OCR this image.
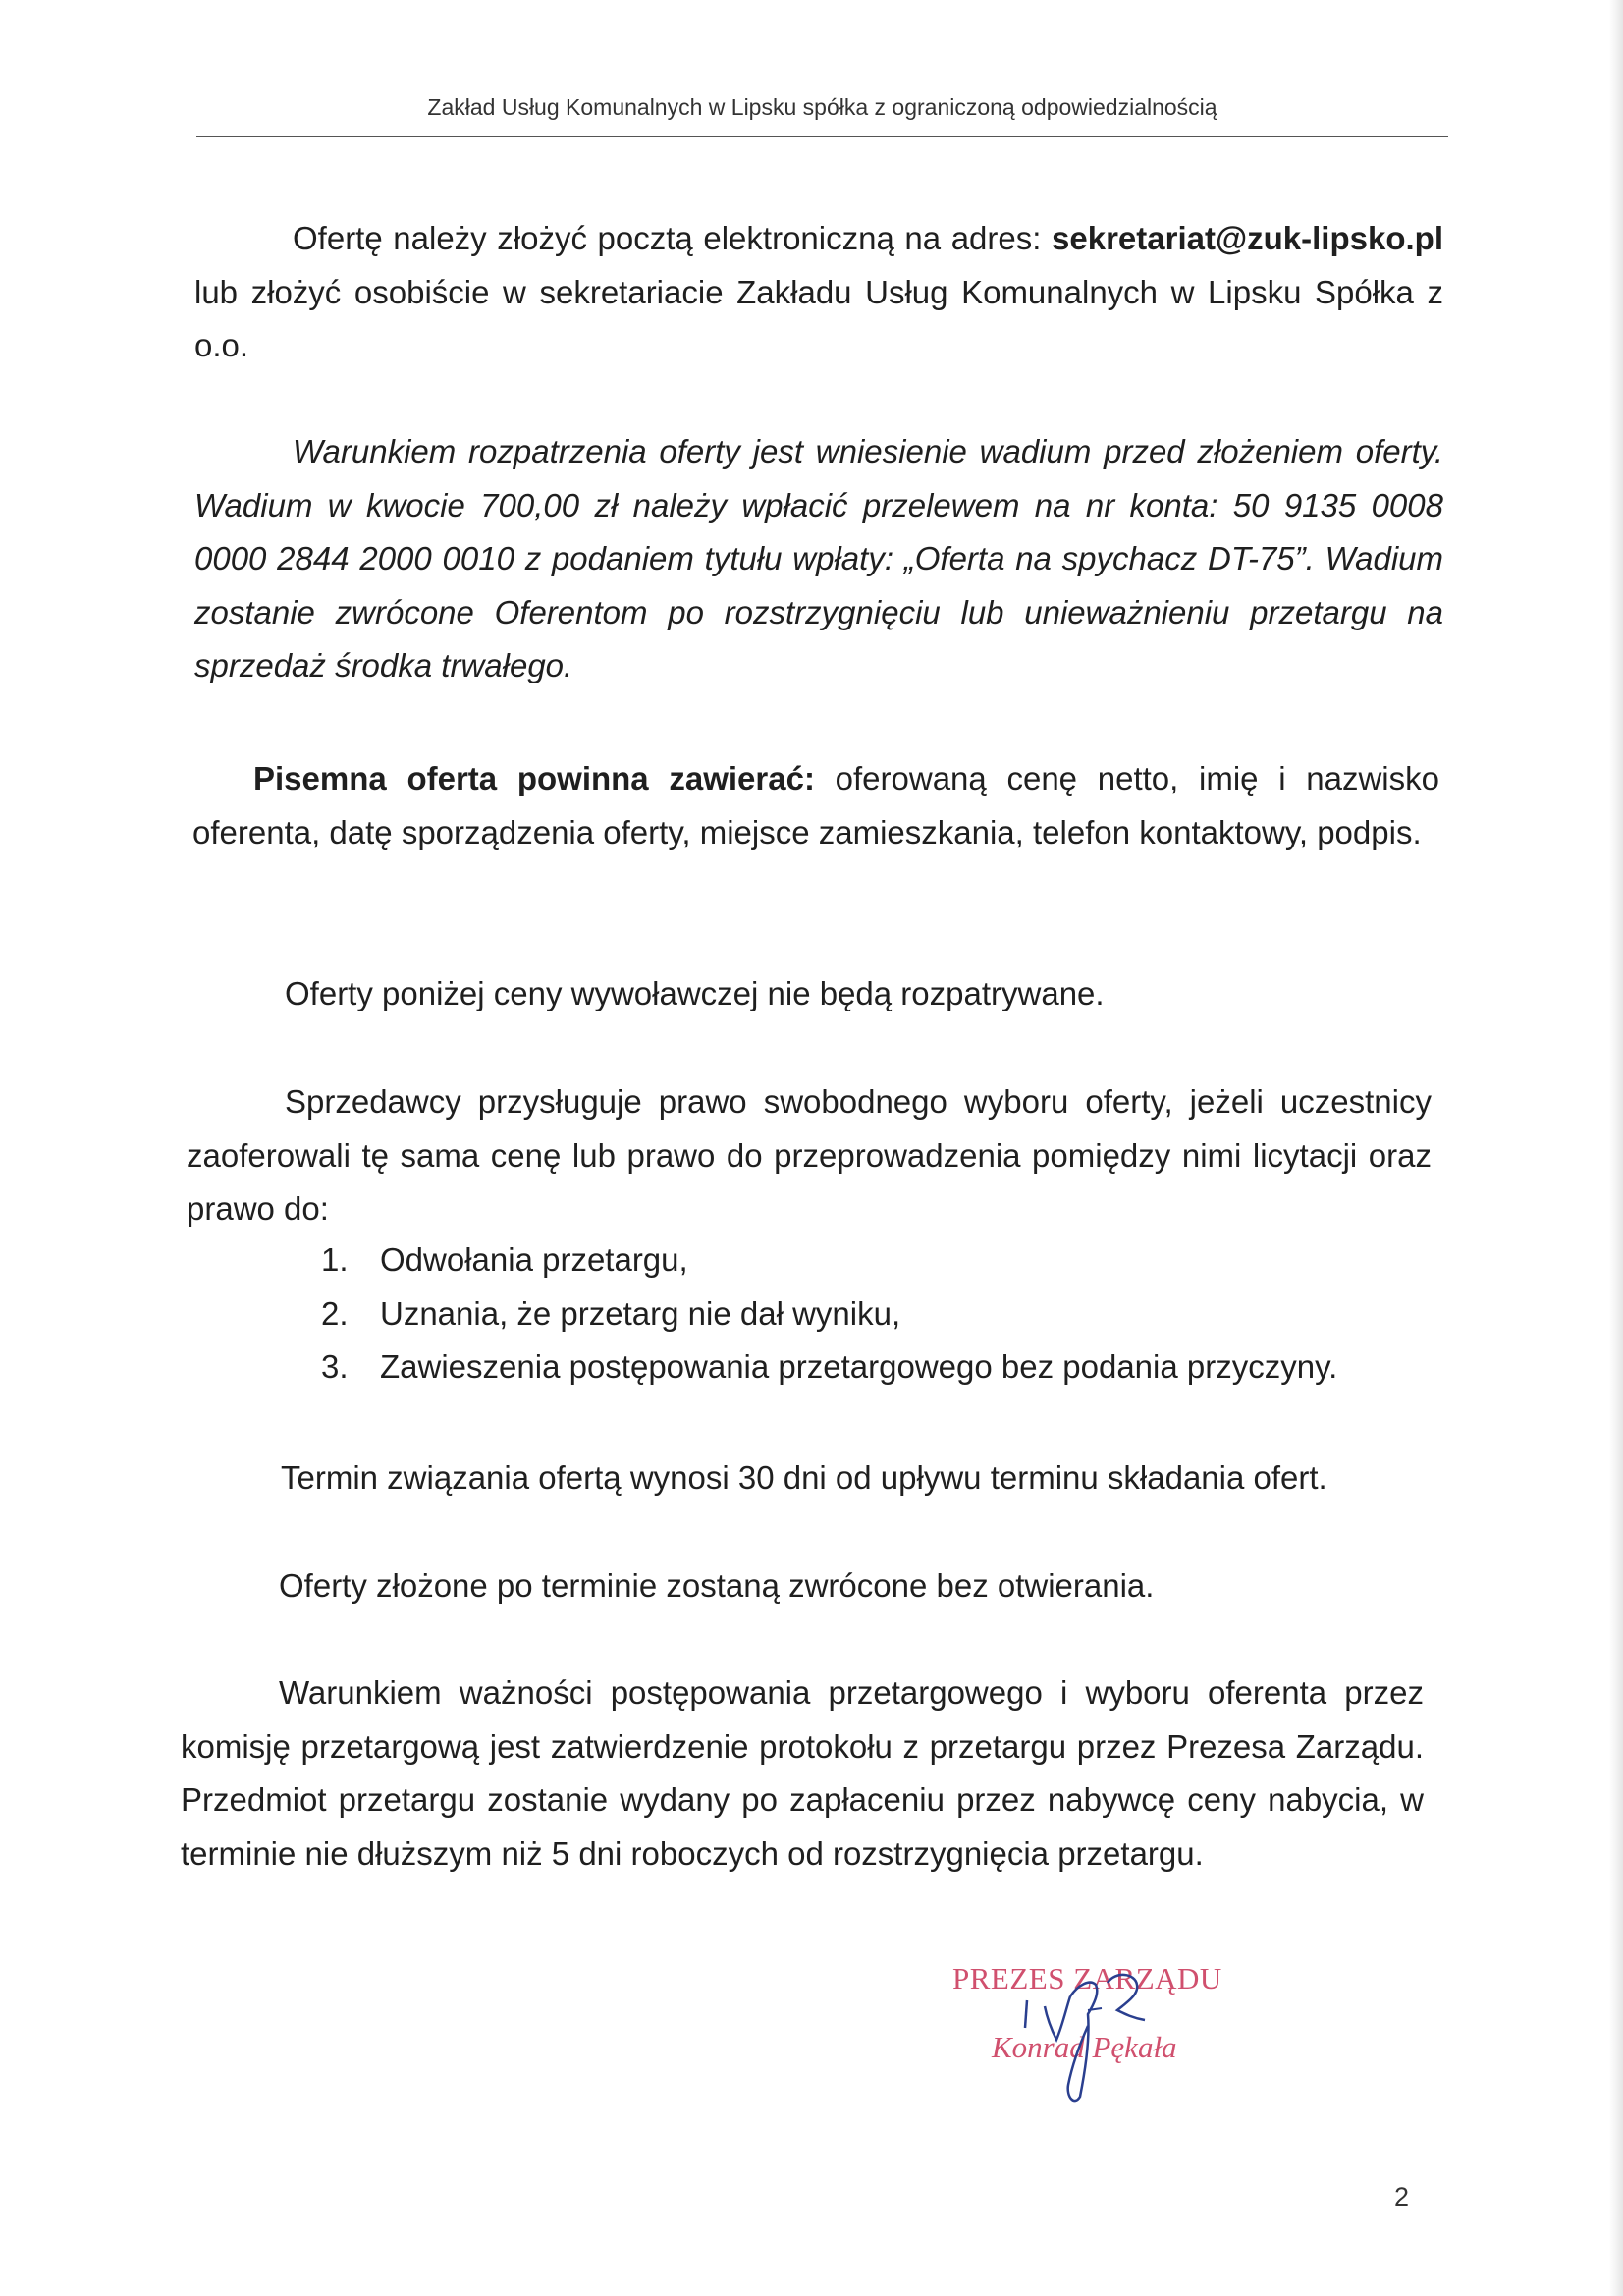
Zakład Usług Komunalnych w Lipsku spółka z ograniczoną odpowiedzialnością

Ofertę należy złożyć pocztą elektroniczną na adres: sekretariat@zuk-lipsko.pl lub złożyć osobiście w sekretariacie Zakładu Usług Komunalnych w Lipsku Spółka z o.o.

Warunkiem rozpatrzenia oferty jest wniesienie wadium przed złożeniem oferty. Wadium w kwocie 700,00 zł należy wpłacić przelewem na nr konta: 50 9135 0008 0000 2844 2000 0010 z podaniem tytułu wpłaty: „Oferta na spychacz DT-75”. Wadium zostanie zwrócone Oferentom po rozstrzygnięciu lub unieważnieniu przetargu na sprzedaż środka trwałego.

Pisemna oferta powinna zawierać: oferowaną cenę netto, imię i nazwisko oferenta, datę sporządzenia oferty, miejsce zamieszkania, telefon kontaktowy, podpis.

Oferty poniżej ceny wywoławczej nie będą rozpatrywane.

Sprzedawcy przysługuje prawo swobodnego wyboru oferty, jeżeli uczestnicy zaoferowali tę sama cenę lub prawo do przeprowadzenia pomiędzy nimi licytacji oraz prawo do:

1. Odwołania przetargu,
2. Uznania, że przetarg nie dał wyniku,
3. Zawieszenia postępowania przetargowego bez podania przyczyny.

Termin związania ofertą wynosi 30 dni od upływu terminu składania ofert.

Oferty złożone po terminie zostaną zwrócone bez otwierania.

Warunkiem ważności postępowania przetargowego i wyboru oferenta przez komisję przetargową jest zatwierdzenie protokołu z przetargu przez Prezesa Zarządu. Przedmiot przetargu zostanie wydany po zapłaceniu przez nabywcę ceny nabycia, w terminie nie dłuższym niż 5 dni roboczych od rozstrzygnięcia przetargu.

PREZES ZARZĄDU
Konrad Pękała
2
